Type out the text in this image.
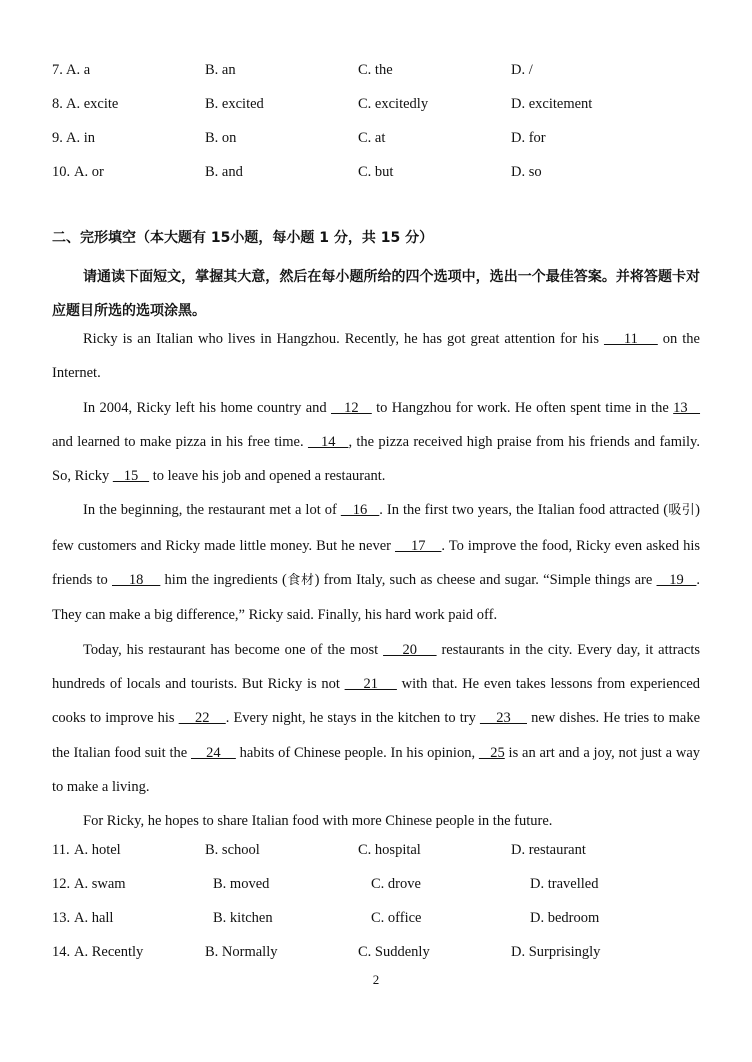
7. A. a	B. an	C. the	D. /
8. A. excite	B. excited	C. excitedly	D. excitement
9. A. in	B. on	C. at	D. for
10. A. or	B. and	C. but	D. so
二、完形填空（本大题有 15小题，每小题 1 分，共 15 分）
请通读下面短文，掌握其大意，然后在每小题所给的四个选项中，选出一个最佳答案。并将答题卡对应题目所选的选项涂黑。

Ricky is an Italian who lives in Hangzhou. Recently, he has got great attention for his     11     on the Internet.

In 2004, Ricky left his home country and    12    to Hangzhou for work. He often spent time in the 13    and learned to make pizza in his free time.    14   , the pizza received high praise from his friends and family. So, Ricky    15    to leave his job and opened a restaurant.

In the beginning, the restaurant met a lot of    16   . In the first two years, the Italian food attracted (吸引) few customers and Ricky made little money. But he never     17    . To improve the food, Ricky even asked his friends to     18     him the ingredients (食材) from Italy, such as cheese and sugar. “Simple things are    19   . They can make a big difference,” Ricky said. Finally, his hard work paid off.

Today, his restaurant has become one of the most     20     restaurants in the city. Every day, it attracts hundreds of locals and tourists. But Ricky is not     21     with that. He even takes lessons from experienced cooks to improve his     22    . Every night, he stays in the kitchen to try     23     new dishes. He tries to make the Italian food suit the     24     habits of Chinese people. In his opinion,    25 is an art and a joy, not just a way to make a living.

For Ricky, he hopes to share Italian food with more Chinese people in the future.

11. A. hotel	B. school	C. hospital	D. restaurant
12. A. swam	B. moved	C. drove	D. travelled
13. A. hall	B. kitchen	C. office	D. bedroom
14. A. Recently	B. Normally	C. Suddenly	D. Surprisingly
2
